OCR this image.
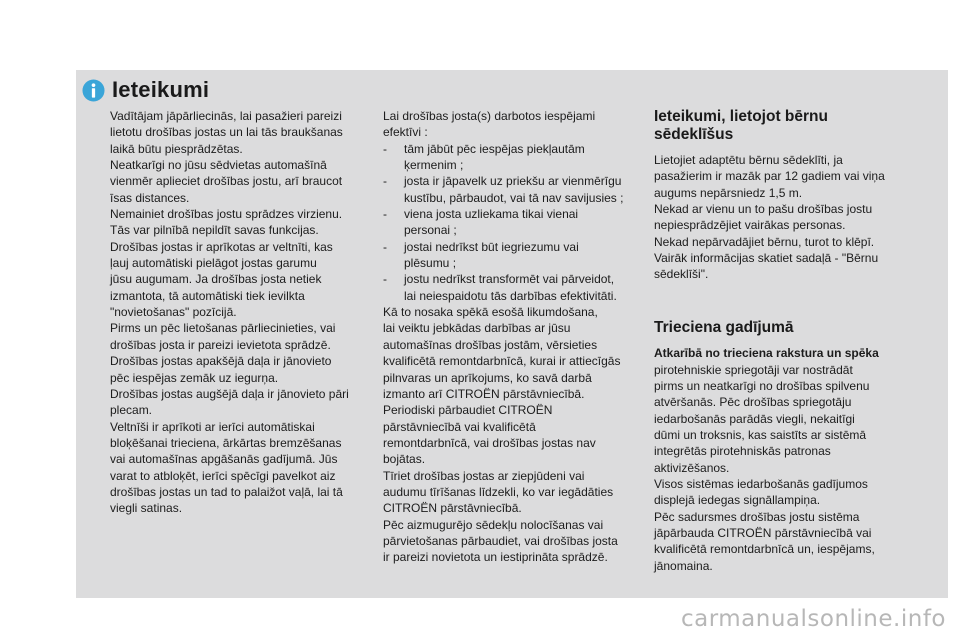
Ieteikumi

Vadītājam jāpārliecinās, lai pasažieri pareizi
lietotu drošības jostas un lai tās braukšanas
laikā būtu piesprādzētas.
Neatkarīgi no jūsu sēdvietas automašīnā
vienmēr aplieciet drošības jostu, arī braucot
īsas distances.
Nemainiet drošības jostu sprādzes virzienu.
Tās var pilnībā nepildīt savas funkcijas.
Drošības jostas ir aprīkotas ar veltnīti, kas
ļauj automātiski pielāgot jostas garumu
jūsu augumam. Ja drošības josta netiek
izmantota, tā automātiski tiek ievilkta
"novietošanas" pozīcijā.
Pirms un pēc lietošanas pārliecinieties, vai
drošības josta ir pareizi ievietota sprādzē.
Drošības jostas apakšējā daļa ir jānovieto
pēc iespējas zemāk uz iegurņa.
Drošības jostas augšējā daļa ir jānovieto pāri
plecam.
Veltnīši ir aprīkoti ar ierīci automātiskai
bloķēšanai trieciena, ārkārtas bremzēšanas
vai automašīnas apgāšanās gadījumā. Jūs
varat to atbloķēt, ierīci spēcīgi pavelkot aiz
drošības jostas un tad to palaižot vaļā, lai tā
viegli satinas.

Lai drošības josta(s) darbotos iespējami
efektīvi :

- tām jābūt pēc iespējas piekļautām
ķermenim ;
- josta ir jāpavelk uz priekšu ar vienmērīgu
kustību, pārbaudot, vai tā nav savijusies ;
- viena josta uzliekama tikai vienai
personai ;
- jostai nedrīkst būt iegriezumu vai
plēsumu ;
- jostu nedrīkst transformēt vai pārveidot,
lai neiespaidotu tās darbības efektivitāti.

Kā to nosaka spēkā esošā likumdošana,
lai veiktu jebkādas darbības ar jūsu
automašīnas drošības jostām, vērsieties
kvalificētā remontdarbnīcā, kurai ir attiecīgās
pilnvaras un aprīkojums, ko savā darbā
izmanto arī CITROËN pārstāvniecībā.
Periodiski pārbaudiet CITROËN
pārstāvniecībā vai kvalificētā
remontdarbnīcā, vai drošības jostas nav
bojātas.
Tīriet drošības jostas ar ziepjūdeni vai
audumu tīrīšanas līdzekli, ko var iegādāties
CITROËN pārstāvniecībā.
Pēc aizmugurējo sēdekļu nolocīšanas vai
pārvietošanas pārbaudiet, vai drošības josta
ir pareizi novietota un iestiprināta sprādzē.

Ieteikumi, lietojot bērnu
sēdeklīšus

Lietojiet adaptētu bērnu sēdeklīti, ja
pasažierim ir mazāk par 12 gadiem vai viņa
augums nepārsniedz 1,5 m.
Nekad ar vienu un to pašu drošības jostu
nepiesprādzējiet vairākas personas.
Nekad nepārvadājiet bērnu, turot to klēpī.
Vairāk informācijas skatiet sadaļā - "Bērnu
sēdeklīši".

Trieciena gadījumā

Atkarībā no trieciena rakstura un spēka
pirotehniskie spriegotāji var nostrādāt
pirms un neatkarīgi no drošības spilvenu
atvēršanās. Pēc drošības spriegotāju
iedarbošanās parādās viegli, nekaitīgi
dūmi un troksnis, kas saistīts ar sistēmā
integrētās pirotehniskās patronas
aktivizēšanos.
Visos sistēmas iedarbošanās gadījumos
displejā iedegas signāllampiņa.
Pēc sadursmes drošības jostu sistēma
jāpārbauda CITROËN pārstāvniecībā vai
kvalificētā remontdarbnīcā un, iespējams,
jānomaina.

carmanualsonline.info
